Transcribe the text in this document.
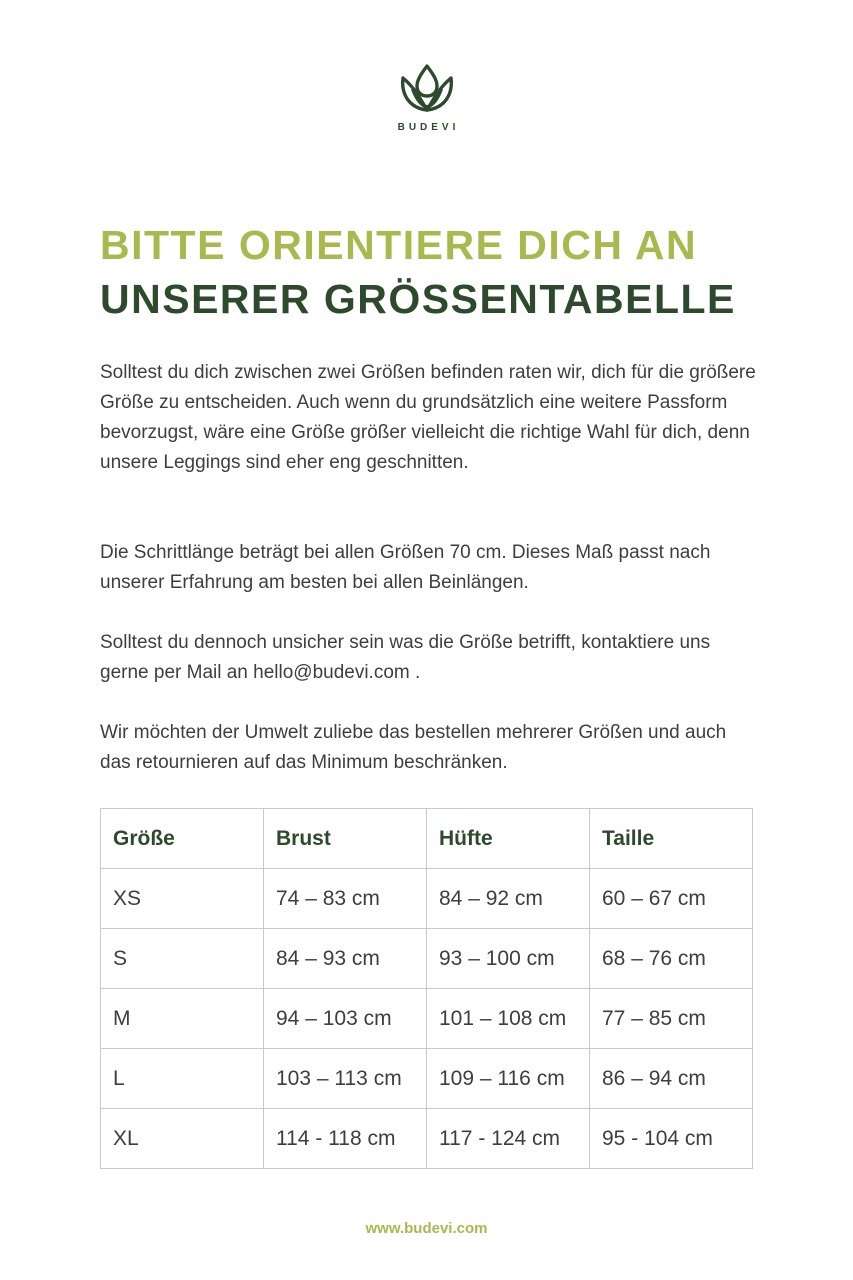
BUDEVI
BITTE ORIENTIERE DICH AN
UNSERER GRÖSSENTABELLE

Solltest du dich zwischen zwei Größen befinden raten wir, dich für die größere Größe zu entscheiden. Auch wenn du grundsätzlich eine weitere Passform bevorzugst, wäre eine Größe größer vielleicht die richtige Wahl für dich, denn unsere Leggings sind eher eng geschnitten.

Die Schrittlänge beträgt bei allen Größen 70 cm. Dieses Maß passt nach unserer Erfahrung am besten bei allen Beinlängen.

Solltest du dennoch unsicher sein was die Größe betrifft, kontaktiere uns gerne per Mail an hello@budevi.com .

Wir möchten der Umwelt zuliebe das bestellen mehrerer Größen und auch das retournieren auf das Minimum beschränken.

Größe	Brust	Hüfte	Taille
XS	74 – 83 cm	84 – 92 cm	60 – 67 cm
S	84 – 93 cm	93 – 100 cm	68 – 76 cm
M	94 – 103 cm	101 – 108 cm	77 – 85 cm
L	103 – 113 cm	109 – 116 cm	86 – 94 cm
XL	114 - 118 cm	117 - 124 cm	95 - 104 cm
www.budevi.com
